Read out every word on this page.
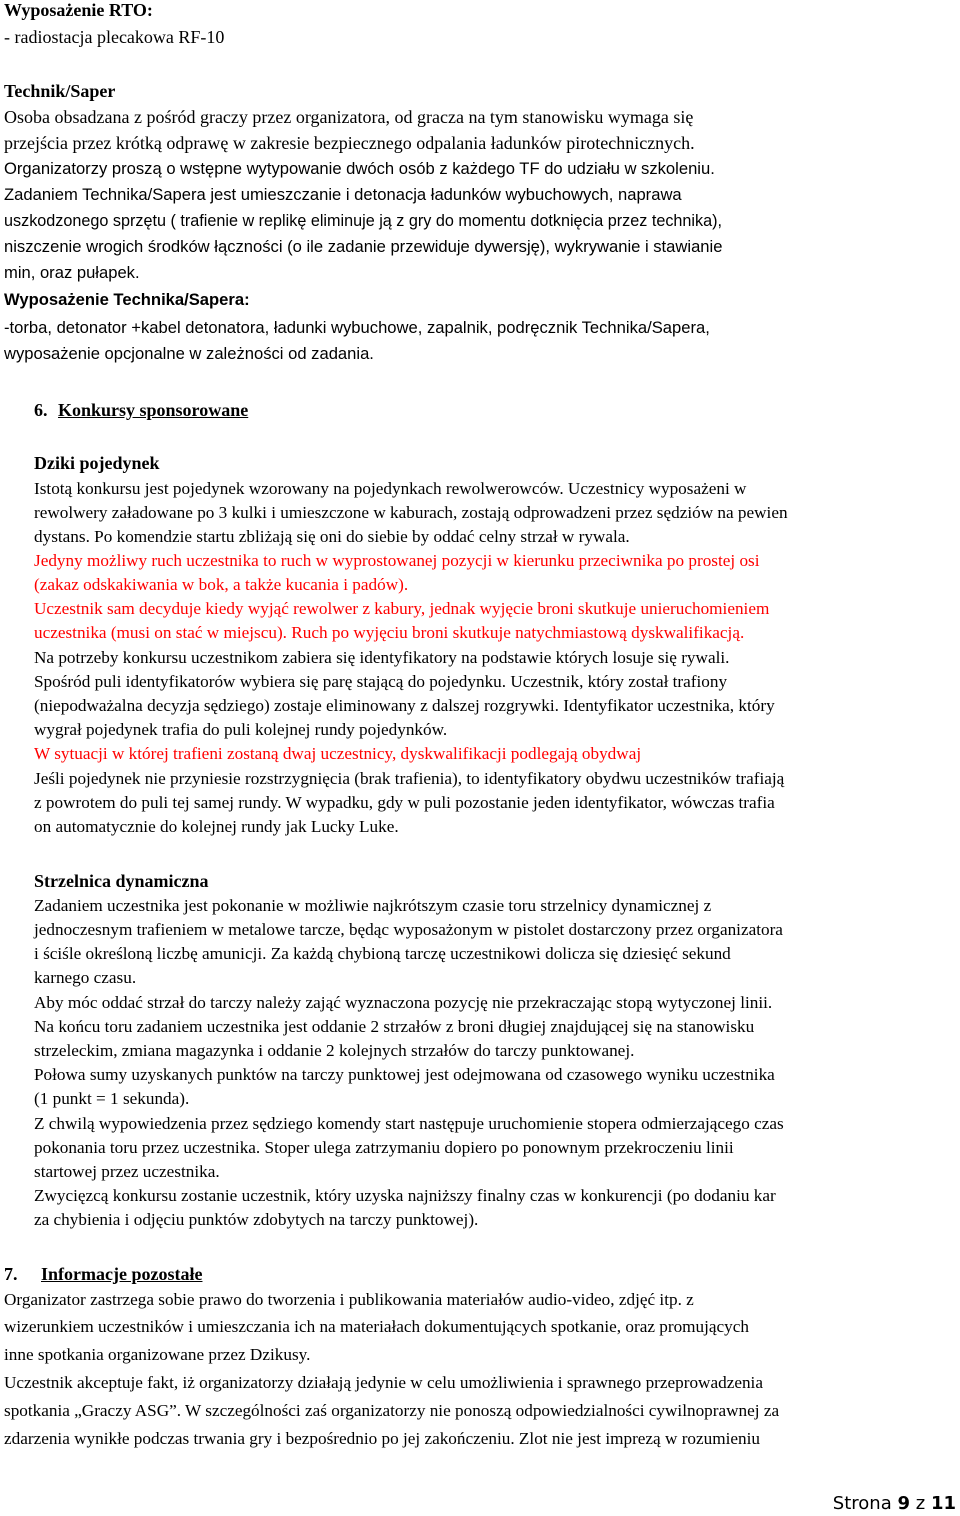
Wyposażenie RTO:
- radiostacja plecakowa RF-10
Technik/Saper
Osoba obsadzana z pośród graczy przez organizatora, od gracza na tym stanowisku wymaga się
przejścia przez krótką odprawę w zakresie bezpiecznego odpalania ładunków pirotechnicznych.
Organizatorzy proszą o wstępne wytypowanie dwóch osób z każdego TF do udziału w szkoleniu.
Zadaniem Technika/Sapera jest umieszczanie i detonacja ładunków wybuchowych, naprawa
uszkodzonego sprzętu ( trafienie w replikę eliminuje ją z gry do momentu dotknięcia przez technika),
niszczenie wrogich środków łączności (o ile zadanie przewiduje dywersję), wykrywanie i stawianie
min, oraz pułapek.
Wyposażenie Technika/Sapera:
-torba, detonator +kabel detonatora, ładunki wybuchowe, zapalnik, podręcznik Technika/Sapera,
wyposażenie opcjonalne w zależności od zadania.
6. Konkursy sponsorowane
Dziki pojedynek
Istotą konkursu jest pojedynek wzorowany na pojedynkach rewolwerowców. Uczestnicy wyposażeni w
rewolwery załadowane po 3 kulki i umieszczone w kaburach, zostają odprowadzeni przez sędziów na pewien
dystans. Po komendzie startu zbliżają się oni do siebie by oddać celny strzał w rywala.
Jedyny możliwy ruch uczestnika to ruch w wyprostowanej pozycji w kierunku przeciwnika po prostej osi
(zakaz odskakiwania w bok, a także kucania i padów).
Uczestnik sam decyduje kiedy wyjąć rewolwer z kabury, jednak wyjęcie broni skutkuje unieruchomieniem
uczestnika (musi on stać w miejscu). Ruch po wyjęciu broni skutkuje natychmiastową dyskwalifikacją.
Na potrzeby konkursu uczestnikom zabiera się identyfikatory na podstawie których losuje się rywali.
Spośród puli identyfikatorów wybiera się parę stającą do pojedynku. Uczestnik, który został trafiony
(niepodważalna decyzja sędziego) zostaje eliminowany z dalszej rozgrywki. Identyfikator uczestnika, który
wygrał pojedynek trafia do puli kolejnej rundy pojedynków.
W sytuacji w której trafieni zostaną dwaj uczestnicy, dyskwalifikacji podlegają obydwaj
Jeśli pojedynek nie przyniesie rozstrzygnięcia (brak trafienia), to identyfikatory obydwu uczestników trafiają
z powrotem do puli tej samej rundy. W wypadku, gdy w puli pozostanie jeden identyfikator, wówczas trafia
on automatycznie do kolejnej rundy jak Lucky Luke.
Strzelnica dynamiczna
Zadaniem uczestnika jest pokonanie w możliwie najkrótszym czasie toru strzelnicy dynamicznej z
jednoczesnym trafieniem w metalowe tarcze, będąc wyposażonym w pistolet dostarczony przez organizatora
i ściśle określoną liczbę amunicji. Za każdą chybioną tarczę uczestnikowi dolicza się dziesięć sekund
karnego czasu.
Aby móc oddać strzał do tarczy należy zająć wyznaczona pozycję nie przekraczając stopą wytyczonej linii.
Na końcu toru zadaniem uczestnika jest oddanie 2 strzałów z broni długiej znajdującej się na stanowisku
strzeleckim, zmiana magazynka i oddanie 2 kolejnych strzałów do tarczy punktowanej.
Połowa sumy uzyskanych punktów na tarczy punktowej jest odejmowana od czasowego wyniku uczestnika
(1 punkt = 1 sekunda).
Z chwilą wypowiedzenia przez sędziego komendy start następuje uruchomienie stopera odmierzającego czas
pokonania toru przez uczestnika. Stoper ulega zatrzymaniu dopiero po ponownym przekroczeniu linii
startowej przez uczestnika.
Zwycięzcą konkursu zostanie uczestnik, który uzyska najniższy finalny czas w konkurencji (po dodaniu kar
za chybienia i odjęciu punktów zdobytych na tarczy punktowej).
7. Informacje pozostałe
Organizator zastrzega sobie prawo do tworzenia i publikowania materiałów audio-video, zdjęć itp. z
wizerunkiem uczestników i umieszczania ich na materiałach dokumentujących spotkanie, oraz promujących
inne spotkania organizowane przez Dzikusy.
Uczestnik akceptuje fakt, iż organizatorzy działają jedynie w celu umożliwienia i sprawnego przeprowadzenia
spotkania „Graczy ASG”. W szczególności zaś organizatorzy nie ponoszą odpowiedzialności cywilnoprawnej za
zdarzenia wynikłe podczas trwania gry i bezpośrednio po jej zakończeniu. Zlot nie jest imprezą w rozumieniu
Strona 9 z 11
